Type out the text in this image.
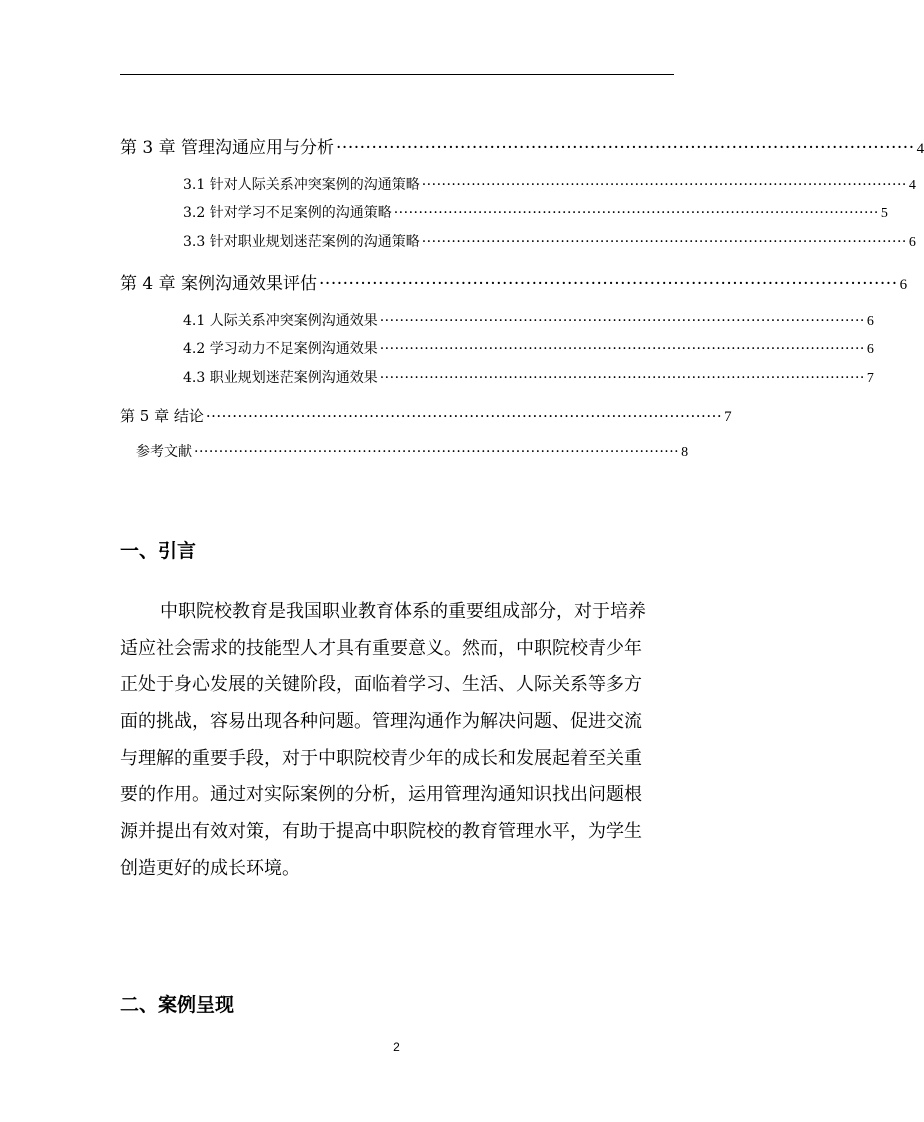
第 3 章 管理沟通应用与分析 ·································································································· 4
3.1 针对人际关系冲突案例的沟通策略 ·································································································· 4
3.2 针对学习不足案例的沟通策略 ·································································································· 5
3.3 针对职业规划迷茫案例的沟通策略 ·································································································· 6
第 4 章 案例沟通效果评估 ·································································································· 6
4.1 人际关系冲突案例沟通效果 ·································································································· 6
4.2 学习动力不足案例沟通效果 ·································································································· 6
4.3 职业规划迷茫案例沟通效果 ·································································································· 7
第 5 章 结论 ·································································································· 7
参考文献 ·································································································· 8
一、引言
中职院校教育是我国职业教育体系的重要组成部分，对于培养
适应社会需求的技能型人才具有重要意义。然而，中职院校青少年
正处于身心发展的关键阶段，面临着学习、生活、人际关系等多方
面的挑战，容易出现各种问题。管理沟通作为解决问题、促进交流
与理解的重要手段，对于中职院校青少年的成长和发展起着至关重
要的作用。通过对实际案例的分析，运用管理沟通知识找出问题根
源并提出有效对策，有助于提高中职院校的教育管理水平，为学生
创造更好的成长环境。
二、案例呈现
2
